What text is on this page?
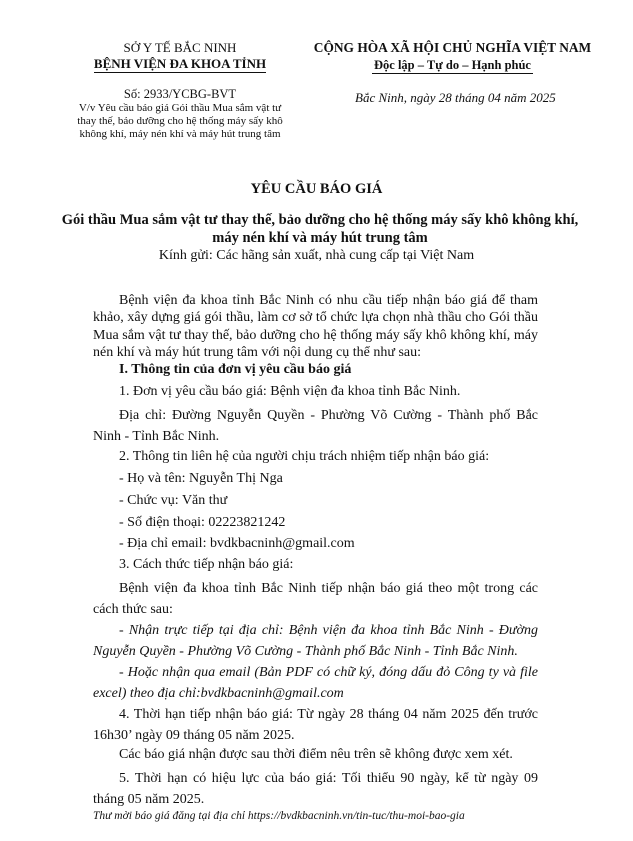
SỞ Y TẾ BẮC NINH
BỆNH VIỆN ĐA KHOA TỈNH
Số: 2933/YCBG-BVT
V/v Yêu cầu báo giá Gói thầu Mua sắm vật tư thay thế, bảo dưỡng cho hệ thống máy sấy khô không khí, máy nén khí và máy hút trung tâm
CỘNG HÒA XÃ HỘI CHỦ NGHĨA VIỆT NAM
Độc lập – Tự do – Hạnh phúc
Bắc Ninh, ngày 28 tháng 04 năm 2025
YÊU CẦU BÁO GIÁ
Gói thầu Mua sắm vật tư thay thế, bảo dưỡng cho hệ thống máy sấy khô không khí, máy nén khí và máy hút trung tâm
Kính gửi: Các hãng sản xuất, nhà cung cấp tại Việt Nam
Bệnh viện đa khoa tỉnh Bắc Ninh có nhu cầu tiếp nhận báo giá để tham khảo, xây dựng giá gói thầu, làm cơ sở tổ chức lựa chọn nhà thầu cho Gói thầu Mua sắm vật tư thay thế, bảo dưỡng cho hệ thống máy sấy khô không khí, máy nén khí và máy hút trung tâm với nội dung cụ thể như sau:
I. Thông tin của đơn vị yêu cầu báo giá
1. Đơn vị yêu cầu báo giá: Bệnh viện đa khoa tỉnh Bắc Ninh.
Địa chỉ: Đường Nguyễn Quyền - Phường Võ Cường - Thành phố Bắc Ninh - Tỉnh Bắc Ninh.
2. Thông tin liên hệ của người chịu trách nhiệm tiếp nhận báo giá:
- Họ và tên: Nguyễn Thị Nga
- Chức vụ: Văn thư
- Số điện thoại: 02223821242
- Địa chỉ email: bvdkbacninh@gmail.com
3. Cách thức tiếp nhận báo giá:
Bệnh viện đa khoa tỉnh Bắc Ninh tiếp nhận báo giá theo một trong các cách thức sau:
- Nhận trực tiếp tại địa chỉ: Bệnh viện đa khoa tỉnh Bắc Ninh - Đường Nguyễn Quyền - Phường Võ Cường - Thành phố Bắc Ninh - Tỉnh Bắc Ninh.
- Hoặc nhận qua email (Bản PDF có chữ ký, đóng dấu đỏ Công ty và file excel) theo địa chỉ:bvdkbacninh@gmail.com
4. Thời hạn tiếp nhận báo giá: Từ ngày 28 tháng 04 năm 2025 đến trước 16h30’ ngày 09 tháng 05 năm 2025.
Các báo giá nhận được sau thời điểm nêu trên sẽ không được xem xét.
5. Thời hạn có hiệu lực của báo giá: Tối thiểu 90 ngày, kể từ ngày 09 tháng 05 năm 2025.
Thư mời báo giá đăng tại địa chỉ https://bvdkbacninh.vn/tin-tuc/thu-moi-bao-gia
